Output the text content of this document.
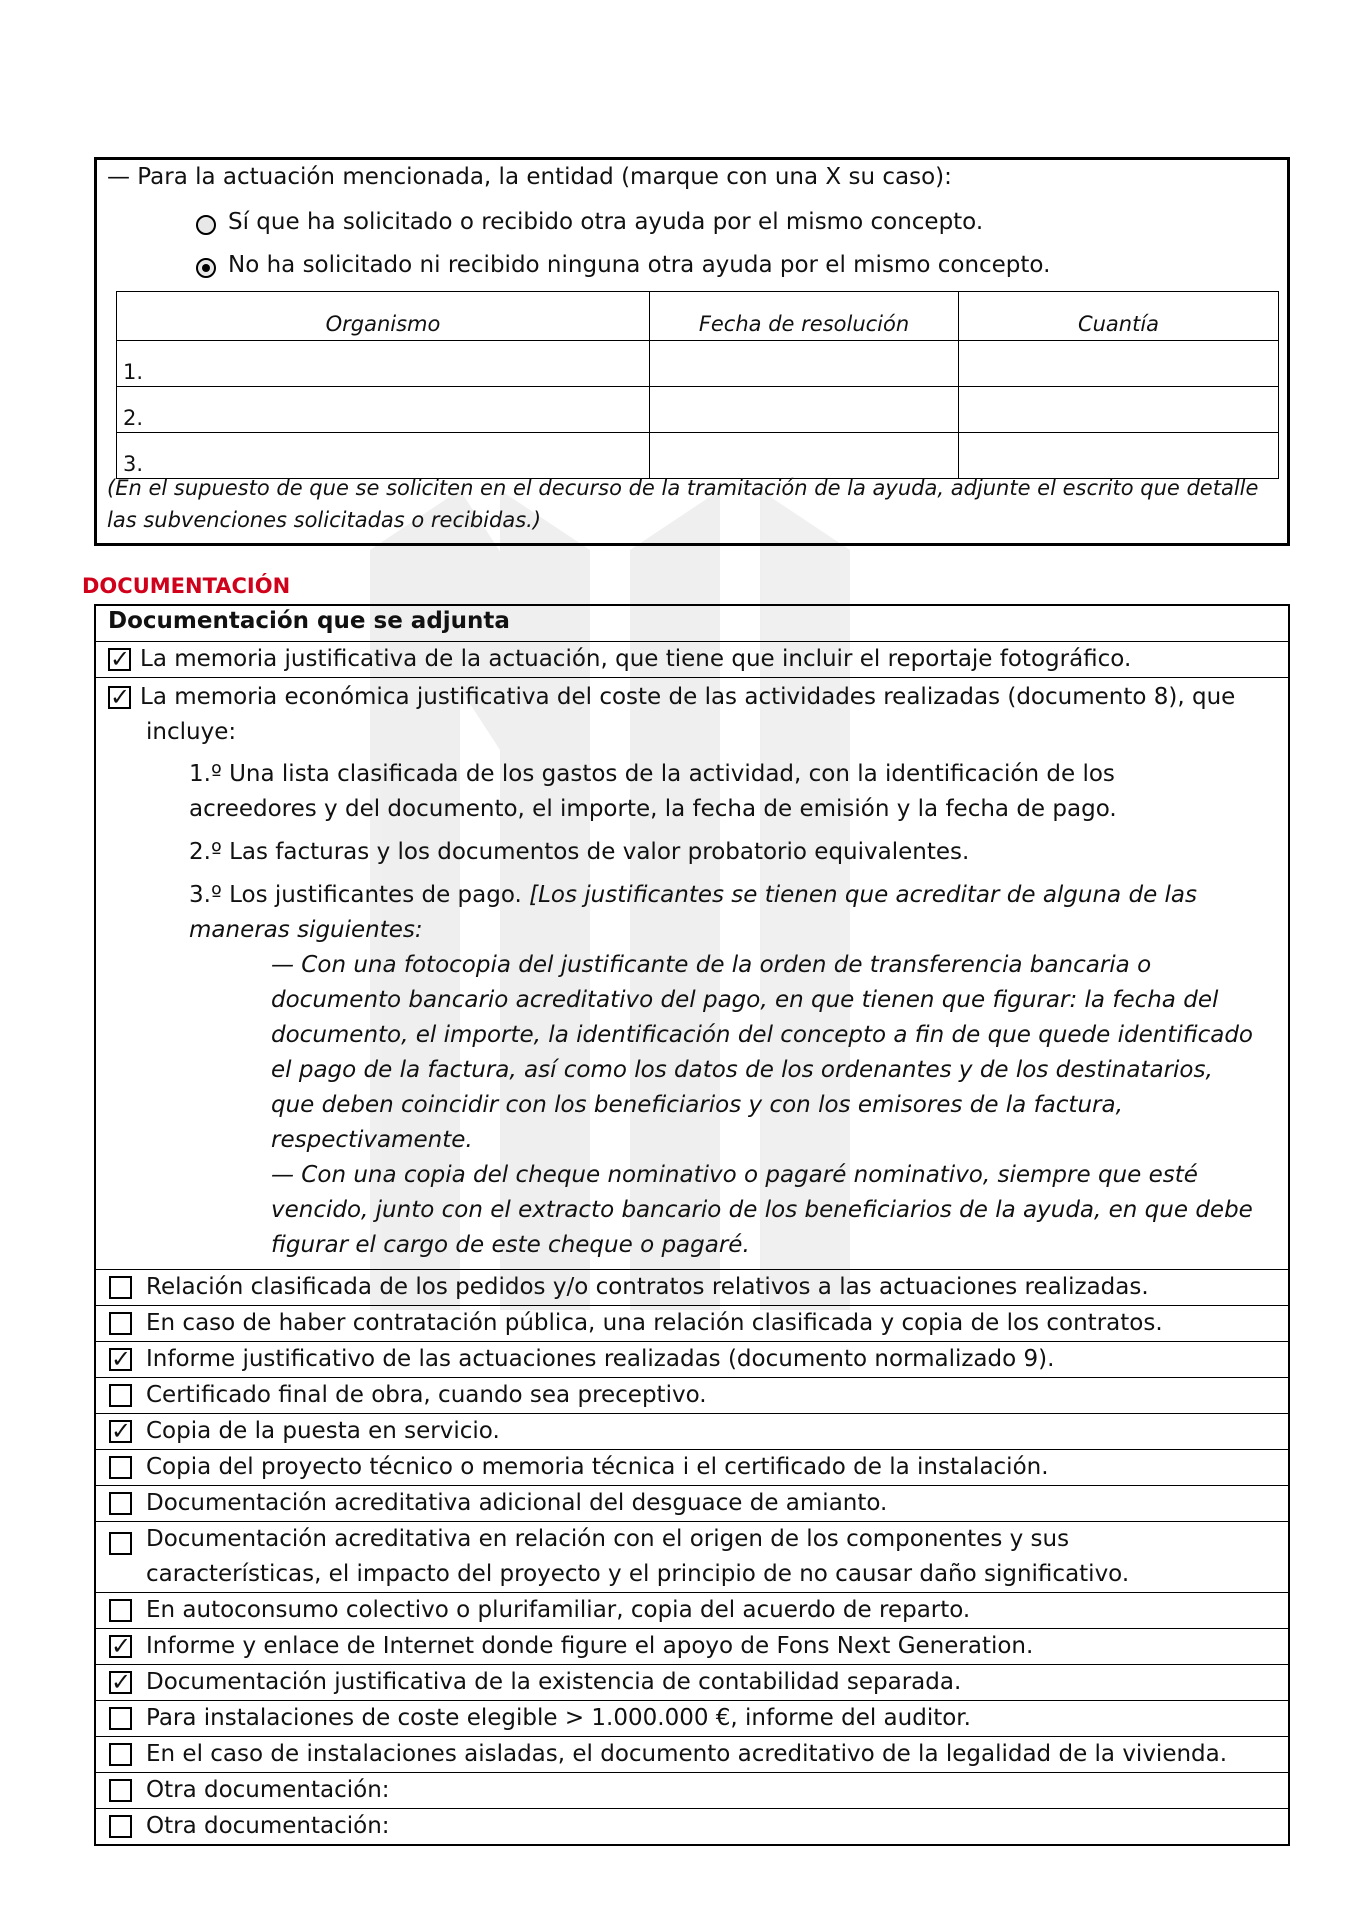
— Para la actuación mencionada, la entidad (marque con una X su caso):
Sí que ha solicitado o recibido otra ayuda por el mismo concepto.
No ha solicitado ni recibido ninguna otra ayuda por el mismo concepto.
Organismo	Fecha de resolución	Cuantía
1.		
2.		
3.		
(En el supuesto de que se soliciten en el decurso de la tramitación de la ayuda, adjunte el escrito que detalle las subvenciones solicitadas o recibidas.)
DOCUMENTACIÓN
Documentación que se adjunta
✓ La memoria justificativa de la actuación, que tiene que incluir el reportaje fotográfico.
✓ La memoria económica justificativa del coste de las actividades realizadas (documento 8), que
incluye:
1.º Una lista clasificada de los gastos de la actividad, con la identificación de los
acreedores y del documento, el importe, la fecha de emisión y la fecha de pago.
2.º Las facturas y los documentos de valor probatorio equivalentes.
3.º Los justificantes de pago. [Los justificantes se tienen que acreditar de alguna de las
maneras siguientes:
— Con una fotocopia del justificante de la orden de transferencia bancaria o
documento bancario acreditativo del pago, en que tienen que figurar: la fecha del
documento, el importe, la identificación del concepto a fin de que quede identificado
el pago de la factura, así como los datos de los ordenantes y de los destinatarios,
que deben coincidir con los beneficiarios y con los emisores de la factura,
respectivamente.
— Con una copia del cheque nominativo o pagaré nominativo, siempre que esté
vencido, junto con el extracto bancario de los beneficiarios de la ayuda, en que debe
figurar el cargo de este cheque o pagaré.
Relación clasificada de los pedidos y/o contratos relativos a las actuaciones realizadas.
En caso de haber contratación pública, una relación clasificada y copia de los contratos.
✓ Informe justificativo de las actuaciones realizadas (documento normalizado 9).
Certificado final de obra, cuando sea preceptivo.
✓ Copia de la puesta en servicio.
Copia del proyecto técnico o memoria técnica i el certificado de la instalación.
Documentación acreditativa adicional del desguace de amianto.
Documentación acreditativa en relación con el origen de los componentes y sus
características, el impacto del proyecto y el principio de no causar daño significativo.
En autoconsumo colectivo o plurifamiliar, copia del acuerdo de reparto.
✓ Informe y enlace de Internet donde figure el apoyo de Fons Next Generation.
✓ Documentación justificativa de la existencia de contabilidad separada.
Para instalaciones de coste elegible > 1.000.000 €, informe del auditor.
En el caso de instalaciones aisladas, el documento acreditativo de la legalidad de la vivienda.
Otra documentación:
Otra documentación:
